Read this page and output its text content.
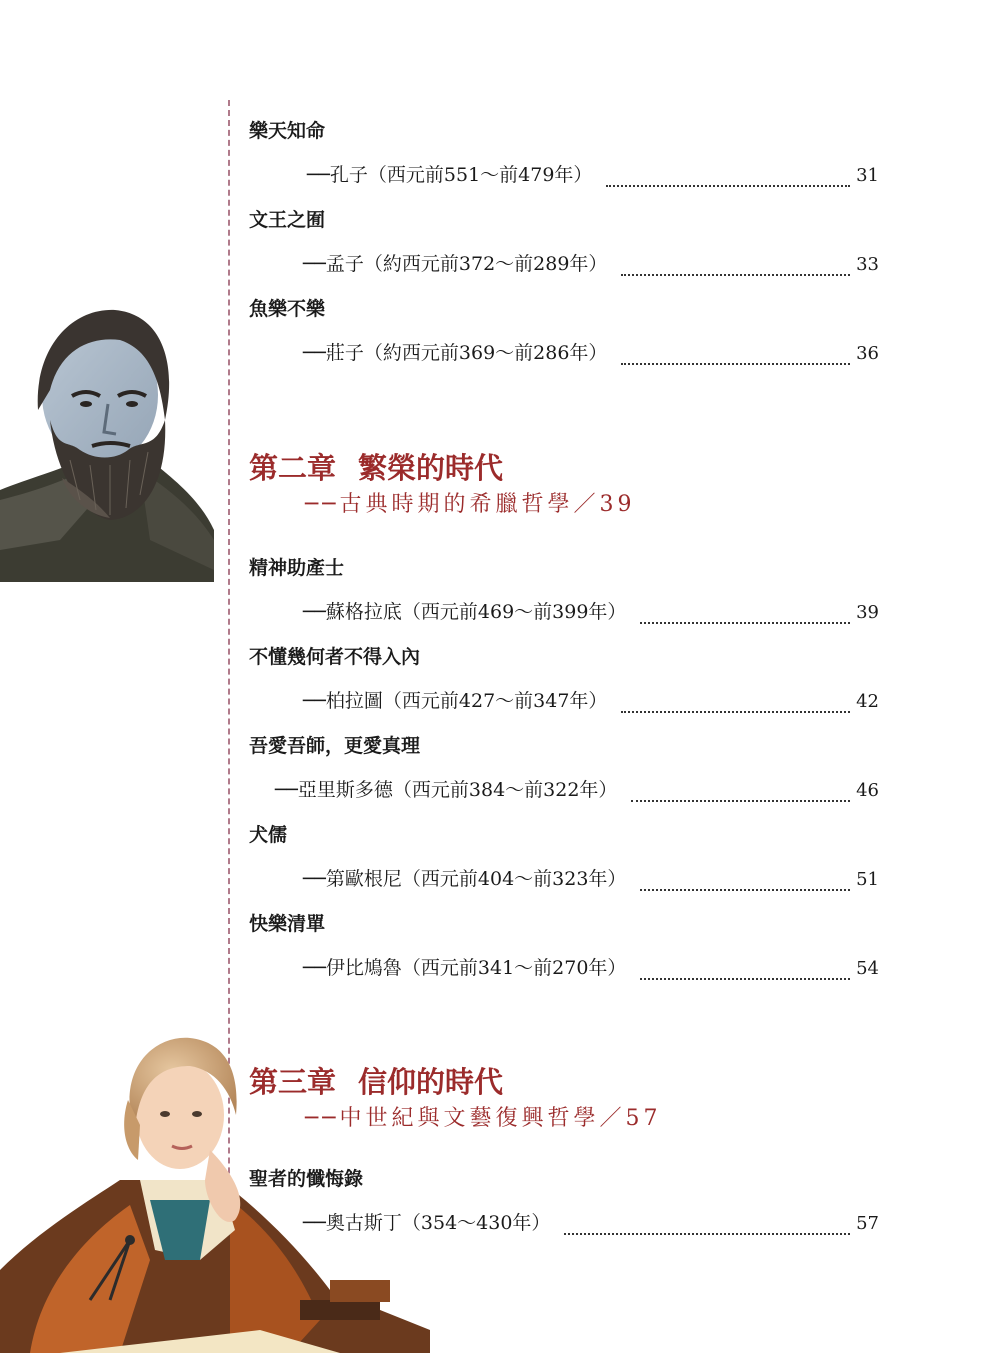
樂天知命
── 孔子（西元前551～前479年）	31
文王之囿
── 孟子（約西元前372～前289年）	33
魚樂不樂
── 莊子（約西元前369～前286年）	36
第二章 繁榮的時代
──古典時期的希臘哲學／39
精神助產士
── 蘇格拉底（西元前469～前399年）	39
不懂幾何者不得入內
── 柏拉圖（西元前427～前347年）	42
吾愛吾師，更愛真理
── 亞里斯多德（西元前384～前322年）	46
犬儒
── 第歐根尼（西元前404～前323年）	51
快樂清單
── 伊比鳩魯（西元前341～前270年）	54
第三章 信仰的時代
──中世紀與文藝復興哲學／57
聖者的懺悔錄
── 奧古斯丁（354～430年）	57
